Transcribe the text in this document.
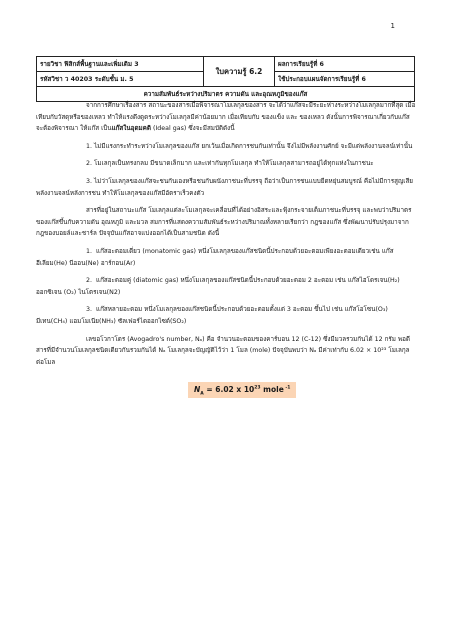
1
รายวิชา ฟิสิกส์พื้นฐานและเพิ่มเติม 3	ใบความรู้ 6.2	ผลการเรียนรู้ที่ 6
รหัสวิชา ว 40203 ระดับชั้น ม. 5		ใช้ประกอบแผนจัดการเรียนรู้ที่ 6
ความสัมพันธ์ระหว่างปริมาตร ความดัน และอุณหภูมิของแก๊ส		

จากการศึกษาเรื่องสาร สถานะของสารเมื่อพิจารณาโมเลกุลของสาร จะได้ว่าแก๊สจะมีระยะห่างระหว่างโมเลกุลมากที่สุด เมื่อเทียบกับวัสดุหรือของเหลว ทำให้แรงดึงดูดระหว่างโมเลกุลมีค่าน้อยมาก เมื่อเทียบกับ ของแข็ง และ ของเหลว ดังนั้นการพิจารณาเกี่ยวกับแก๊ส จะต้องพิจารณา ให้แก๊ส เป็นแก๊สในอุดมคติ (Ideal gas) ซึ่งจะมีสมบัติดังนี้

1. ไม่มีแรงกระทำระหว่างโมเลกุลของแก๊ส ยกเว้นเมื่อเกิดการชนกันเท่านั้น จึงไม่มีพลังงานศักย์ จะมีแต่พลังงานจลน์เท่านั้น

2. โมเลกุลเป็นทรงกลม มีขนาดเล็กมาก และเท่ากันทุกโมเลกุล ทำให้โมเลกุลสามารถอยู่ได้ทุกแห่งในภาชนะ

3. ไม่ว่าโมเลกุลของแก๊สจะชนกันเองหรือชนกับผนังภาชนะที่บรรจุ ถือว่าเป็นการชนแบบยืดหยุ่นสมบูรณ์ คือไม่มีการสูญเสียพลังงานจลน์หลังการชน ทำให้โมเลกุลของแก๊สมีอัตราเร็วคงตัว

สารที่อยู่ในสถานะแก๊ส โมเลกุลแต่ละโมเลกุลจะเคลื่อนที่ได้อย่างอิสระและฟุ้งกระจายเต็มภาชนะที่บรรจุ และพบว่าปริมาตรของแก๊สขึ้นกับความดัน อุณหภูมิ และมวล สมการที่แสดงความสัมพันธ์ระหว่างปริมาณทั้งหลายเรียกว่า กฎของแก๊ส ซึ่งพัฒนาปรับปรุงมาจากกฎของบอยล์และชาร์ล ปัจจุบันแก๊สอาจแบ่งออกได้เป็นสามชนิด ดังนี้

1. แก๊สอะตอมเดี่ยว (monatomic gas) หนึ่งโมเลกุลของแก๊สชนิดนี้ประกอบด้วยอะตอมเพียงอะตอมเดียวเช่น แก๊สฮีเลียม(He) นีออน(Ne) อาร์กอน(Ar)

2. แก๊สอะตอมคู่ (diatomic gas) หนึ่งโมเลกุลของแก๊สชนิดนี้ประกอบด้วยอะตอม 2 อะตอม เช่น แก๊สไฮโดรเจน(H₂) ออกซิเจน (O₂) ไนโตรเจน(N2)

3. แก๊สหลายอะตอม หนึ่งโมเลกุลของแก๊สชนิดนี้ประกอบด้วยอะตอมตั้งแต่ 3 อะตอม ขึ้นไป เช่น แก๊สโอโซน(O₃) มีเทน(CH₄) แอมโมเนีย(NH₃) ซัลเฟอร์ไดออกไซด์(SO₂)

เลขอโวกาโดร (Avogadro's number, Nₐ) คือ จำนวนอะตอมของคาร์บอน 12 (C-12) ซึ่งมีมวลรวมกันได้ 12 กรัม พอดี สารที่มีจำนวนโมเลกุลชนิดเดียวกันรวมกันได้ Nₐ โมเลกุลจะบัญญัติไว้ว่า 1 โมล (mole) ปัจจุบันพบว่า Nₐ มีค่าเท่ากับ 6.02 × 10²³ โมเลกุลต่อโมล

$N_A = 6.02$ x $10^{23}$ mole $^{-1}$
